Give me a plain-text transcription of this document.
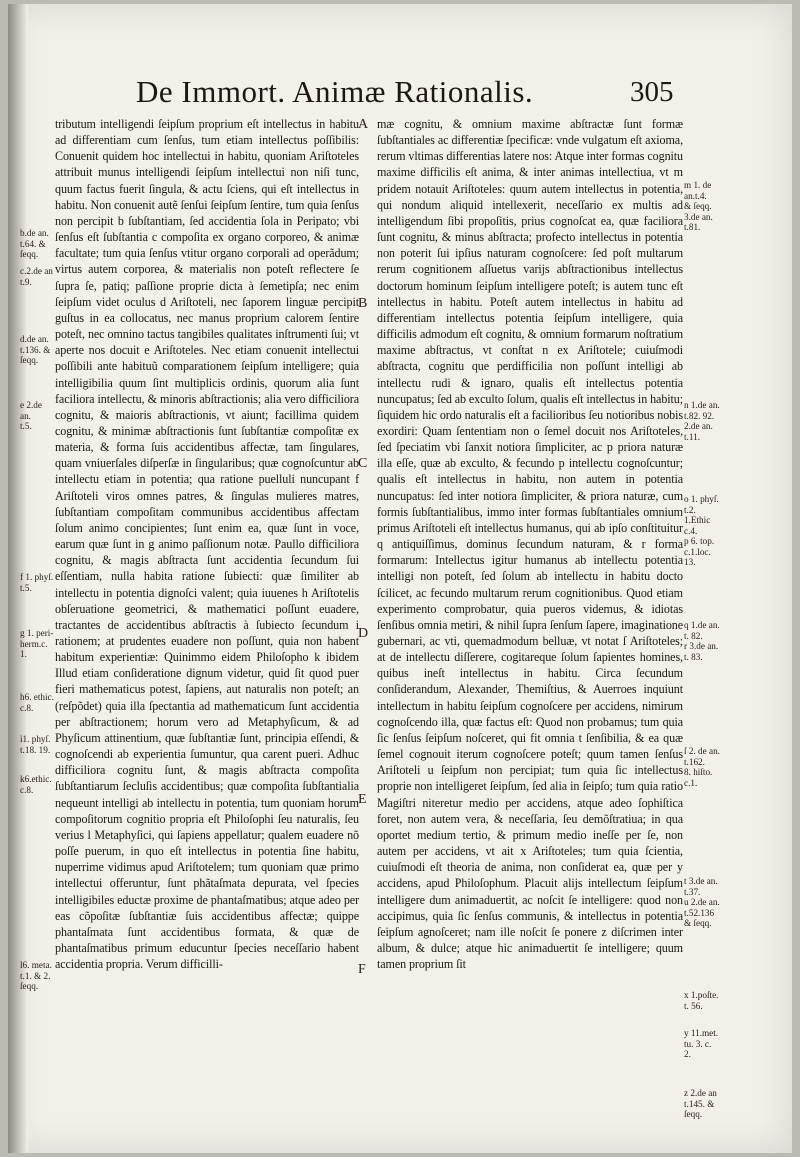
De Immort. Animæ Rationalis.	305

tributum intelligendi ſeipſum proprium eſt intellectus in habitu ad differentiam cum ſenſus, tum etiam intellectus poſſibilis: Conuenit quidem hoc intellectui in habitu, quoniam Ariſtoteles attribuit munus intelligendi ſeipſum intellectui non niſi tunc, quum factus fuerit ſingula, & actu ſciens, qui eſt intellectus in habitu. Non conuenit autẽ ſenſui ſeipſum ſentire, tum quia ſenſus non percipit b ſubſtantiam, ſed accidentia ſola in Peripato; vbi ſenſus eſt ſubſtantia c compoſita ex organo corporeo, & animæ facultate; tum quia ſenſus vtitur organo corporali ad operãdum; virtus autem corporea, & materialis non poteſt reflectere ſe ſupra ſe, patiq; paſſione proprie dicta à ſemetipſa; nec enim ſeipſum videt oculus d Ariſtoteli, nec ſaporem linguæ percipit guſtus in ea collocatus, nec manus proprium calorem ſentire poteſt, nec omnino tactus tangibiles qualitates inſtrumenti ſui; vt aperte nos docuit e Ariſtoteles. Nec etiam conuenit intellectui poſſibili ante habituũ comparationem ſeipſum intelligere; quia intelligibilia quum ſint multiplicis ordinis, quorum alia ſunt faciliora intellectu, & minoris abſtractionis; alia vero difficiliora cognitu, & maioris abſtractionis, vt aiunt; facillima quidem cognitu, & minimæ abſtractionis ſunt ſubſtantiæ compoſitæ ex materia, & forma ſuis accidentibus affectæ, tam ſingulares, quam vniuerſales diſperſæ in ſingularibus; quæ cognoſcuntur ab intellectu etiam in potentia; qua ratione puelluli nuncupant f Ariſtoteli viros omnes patres, & ſingulas mulieres matres, ſubſtantiam compoſitam communibus accidentibus affectam ſolum animo concipientes; ſunt enim ea, quæ ſunt in voce, earum quæ ſunt in g animo paſſionum notæ. Paullo difficiliora cognitu, & magis abſtracta ſunt accidentia ſecundum ſui eſſentiam, nulla habita ratione ſubiecti: quæ ſimiliter ab intellectu in potentia dignoſci valent; quia iuuenes h Ariſtotelis obſeruatione geometrici, & mathematici poſſunt euadere, tractantes de accidentibus abſtractis à ſubiecto ſecundum i rationem; at prudentes euadere non poſſunt, quia non habent habitum experientiæ: Quinimmo eidem Philoſopho k ibidem Illud etiam conſideratione dignum videtur, quid ſit quod puer fieri mathematicus potest, ſapiens, aut naturalis non poteſt; an (reſpõdet) quia illa ſpectantia ad mathematicum ſunt accidentia per abſtractionem; horum vero ad Metaphyſicum, & ad Phyſicum attinentium, quæ ſubſtantiæ ſunt, principia eſſendi, & cognoſcendi ab experientia ſumuntur, qua carent pueri. Adhuc difficiliora cognitu ſunt, & magis abſtracta compoſita ſubſtantiarum ſecluſis accidentibus; quæ compoſita ſubſtantialia nequeunt intelligi ab intellectu in potentia, tum quoniam horum compoſitorum cognitio propria eſt Philoſophi ſeu naturalis, ſeu verius l Metaphyſici, qui ſapiens appellatur; qualem euadere nõ poſſe puerum, in quo eſt intellectus in potentia ſine habitu, nuperrime vidimus apud Ariſtotelem; tum quoniam quæ primo intellectui offeruntur, ſunt phãtaſmata depurata, vel ſpecies intelligibiles eductæ proxime de phantaſmatibus; atque adeo per eas cõpoſitæ ſubſtantiæ ſuis accidentibus affectæ; quippe phantaſmata ſunt accidentibus formata, & quæ de phantaſmatibus primum educuntur ſpecies neceſſario habent accidentia propria. Verum difficilli-

mæ cognitu, & omnium maxime abſtractæ ſunt formæ ſubſtantiales ac differentiæ ſpecificæ: vnde vulgatum eſt axioma, rerum vltimas differentias latere nos: Atque inter formas cognitu maxime difficilis eſt anima, & inter animas intellectiua, vt m pridem notauit Ariſtoteles: quum autem intellectus in potentia, qui nondum aliquid intellexerit, neceſſario ex multis ad intelligendum ſibi propoſitis, prius cognoſcat ea, quæ faciliora ſunt cognitu, & minus abſtracta; profecto intellectus in potentia non poterit ſui ipſius naturam cognoſcere: ſed poſt multarum rerum cognitionem aſſuetus varijs abſtractionibus intellectus doctorum hominum ſeipſum intelligere poteſt; is autem tunc eſt intellectus in habitu. Poteſt autem intellectus in habitu ad differentiam intellectus potentia ſeipſum intelligere, quia difficilis admodum eſt cognitu, & omnium formarum noſtratium maxime abſtractus, vt conſtat n ex Ariſtotele; cuiuſmodi abſtracta, cognitu que perdifficilia non poſſunt intelligi ab intellectu rudi & ignaro, qualis eſt intellectus potentia nuncupatus; ſed ab exculto ſolum, qualis eſt intellectus in habitu; ſiquidem hic ordo naturalis eſt a facilioribus ſeu notioribus nobis exordiri: Quam ſententiam non o ſemel docuit nos Ariſtoteles, ſed ſpeciatim vbi ſanxit notiora ſimpliciter, ac p priora naturæ illa eſſe, quæ ab exculto, & fecundo p intellectu cognoſcuntur; qualis eſt intellectus in habitu, non autem in potentia nuncupatus: ſed inter notiora ſimpliciter, & priora naturæ, cum formis ſubſtantialibus, immo inter formas ſubſtantiales omnium primus Ariſtoteli eſt intellectus humanus, qui ab ipſo conſtituitur q antiquiſſimus, dominus ſecundum naturam, & r forma formarum: Intellectus igitur humanus ab intellectu potentia intelligi non poteſt, ſed ſolum ab intellectu in habitu docto ſcilicet, ac fecundo multarum rerum cognitionibus. Quod etiam experimento comprobatur, quia pueros videmus, & idiotas ſenſibus omnia metiri, & nihil ſupra ſenſum ſapere, imaginatione gubernari, ac vti, quemadmodum belluæ, vt notat ſ Ariſtoteles; at de intellectu diſſerere, cogitareque ſolum ſapientes homines, quibus ineſt intellectus in habitu. Circa ſecundum conſiderandum, Alexander, Themiſtius, & Auerroes inquiunt intellectum in habitu ſeipſum cognoſcere per accidens, nimirum cognoſcendo illa, quæ factus eſt: Quod non probamus; tum quia ſic ſenſus ſeipſum noſceret, qui fit omnia t ſenſibilia, & ea quæ ſemel cognouit iterum cognoſcere poteſt; quum tamen ſenſus Ariſtoteli u ſeipſum non percipiat; tum quia ſic intellectus proprie non intelligeret ſeipſum, ſed alia in ſeipſo; tum quia ratio Magiſtri niteretur medio per accidens, atque adeo ſophiſtica foret, non autem vera, & neceſſaria, ſeu demõſtratiua; in qua oportet medium tertio, & primum medio ineſſe per ſe, non autem per accidens, vt ait x Ariſtoteles; tum quia ſcientia, cuiuſmodi eſt theoria de anima, non conſiderat ea, quæ per y accidens, apud Philoſophum. Placuit alijs intellectum ſeipſum intelligere dum animaduertit, ac noſcit ſe intelligere: quod non accipimus, quia ſic ſenſus communis, & intellectus in potentia ſeipſum agnoſceret; nam ille noſcit ſe ponere z diſcrimen inter album, & dulce; atque hic animaduertit ſe intelligere; quum tamen proprium ſit

A
B
C
D
E
F
b.de an.
t.64. &
ſeqq.
c.2.de an
t.9.
d.de an.
t.136. &
ſeqq.
e 2.de an.
t.5.
f 1. phyſ.
t.5.
g 1. peri-
herm.c.
1.
h6. ethic.
c.8.
i1. phyſ.
t.18. 19.
k6.ethic.
c.8.
l6. meta.
t.1. & 2.
ſeqq.
m 1. de
an.t.4.
& ſeqq.
3.de an.
t.81.
n 1.de an.
t.82. 92.
2.de an.
t.11.
o 1. phyſ.
t.2.
1.Ethic
c.4.
p 6. top.
c.1.loc.
13.
q 1.de an.
t. 82.
r 3.de an.
t. 83.
ſ 2. de an.
t.162.
8. hiſto.
c.1.
t 3.de an.
t.37.
u 2.de an.
t.52.136
& ſeqq.
x 1.poſte.
t. 56.
y 11.met.
tu. 3. c.
2.
z 2.de an
t.145. &
ſeqq.
